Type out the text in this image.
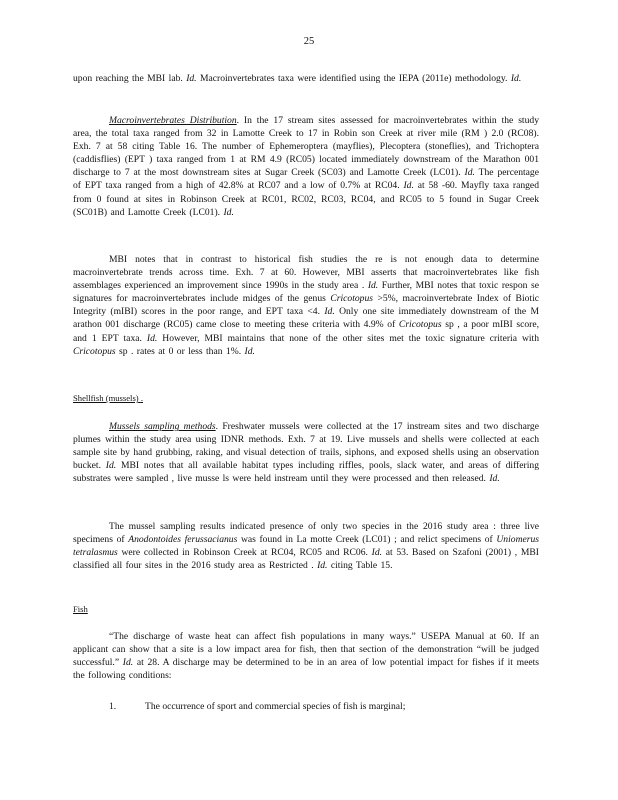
25
upon reaching the MBI lab. Id. Macroinvertebrates taxa were identified using the IEPA (2011e) methodology. Id.
Macroinvertebrates Distribution. In the 17 stream sites assessed for macroinvertebrates within the study area, the total taxa ranged from 32 in Lamotte Creek to 17 in Robin son Creek at river mile (RM ) 2.0 (RC08). Exh. 7 at 58 citing Table 16. The number of Ephemeroptera (mayflies), Plecoptera (stoneflies), and Trichoptera (caddisflies) (EPT ) taxa ranged from 1 at RM 4.9 (RC05) located immediately downstream of the Marathon 001 discharge to 7 at the most downstream sites at Sugar Creek (SC03) and Lamotte Creek (LC01). Id. The percentage of EPT taxa ranged from a high of 42.8% at RC07 and a low of 0.7% at RC04. Id. at 58 -60. Mayfly taxa ranged from 0 found at sites in Robinson Creek at RC01, RC02, RC03, RC04, and RC05 to 5 found in Sugar Creek (SC01B) and Lamotte Creek (LC01). Id.
MBI notes that in contrast to historical fish studies the re is not enough data to determine macroinvertebrate trends across time. Exh. 7 at 60. However, MBI asserts that macroinvertebrates like fish assemblages experienced an improvement since 1990s in the study area . Id. Further, MBI notes that toxic respon se signatures for macroinvertebrates include midges of the genus Cricotopus >5%, macroinvertebrate Index of Biotic Integrity (mIBI) scores in the poor range, and EPT taxa <4. Id. Only one site immediately downstream of the M arathon 001 discharge (RC05) came close to meeting these criteria with 4.9% of Cricotopus sp , a poor mIBI score, and 1 EPT taxa. Id. However, MBI maintains that none of the other sites met the toxic signature criteria with Cricotopus sp . rates at 0 or less than 1%. Id.
Shellfish (mussels) .
Mussels sampling methods. Freshwater mussels were collected at the 17 instream sites and two discharge plumes within the study area using IDNR methods. Exh. 7 at 19. Live mussels and shells were collected at each sample site by hand grubbing, raking, and visual detection of trails, siphons, and exposed shells using an observation bucket. Id. MBI notes that all available habitat types including riffles, pools, slack water, and areas of differing substrates were sampled , live musse ls were held instream until they were processed and then released. Id.
The mussel sampling results indicated presence of only two species in the 2016 study area : three live specimens of Anodontoides ferussacianus was found in La motte Creek (LC01) ; and relict specimens of Uniomerus tetralasmus were collected in Robinson Creek at RC04, RC05 and RC06. Id. at 53. Based on Szafoni (2001) , MBI classified all four sites in the 2016 study area as Restricted . Id. citing Table 15.
Fish
“The discharge of waste heat can affect fish populations in many ways.” USEPA Manual at 60. If an applicant can show that a site is a low impact area for fish, then that section of the demonstration “will be judged successful.” Id. at 28. A discharge may be determined to be in an area of low potential impact for fishes if it meets the following conditions:
1.	The occurrence of sport and commercial species of fish is marginal;
